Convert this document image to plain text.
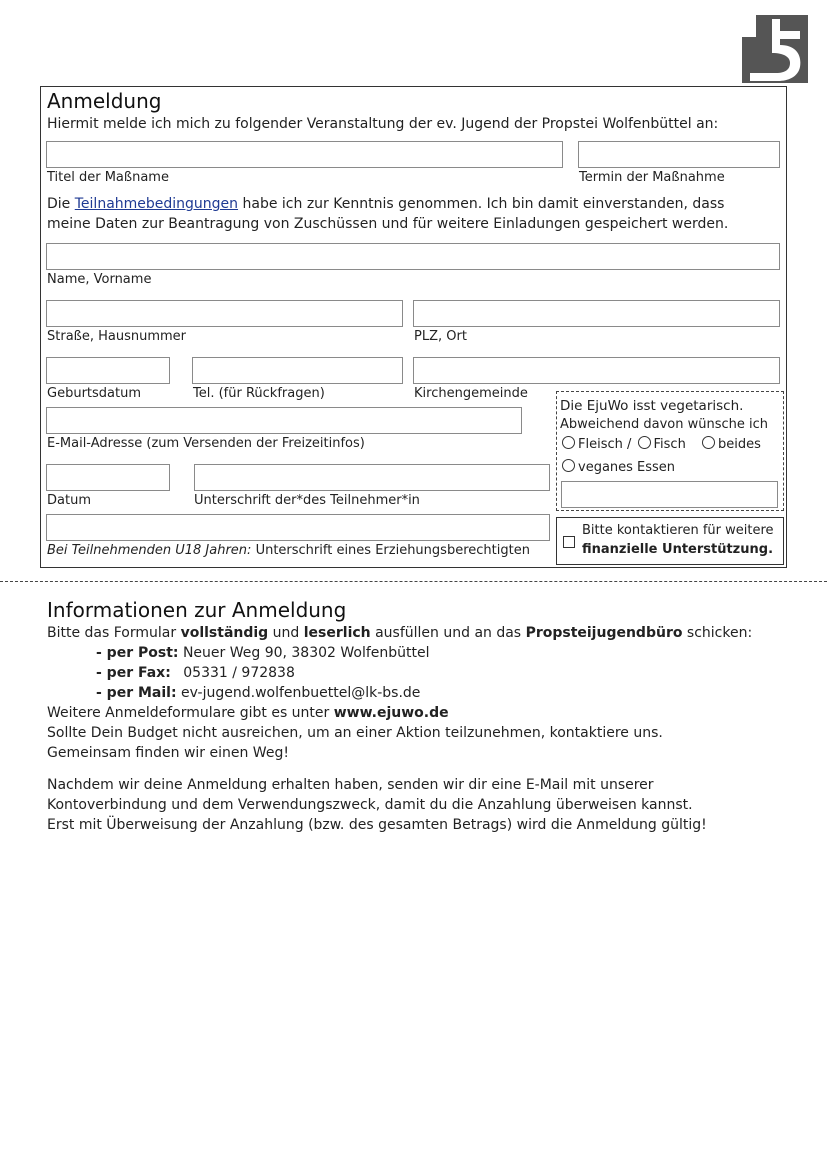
Anmeldung
Hiermit melde ich mich zu folgender Veranstaltung der ev. Jugend der Propstei Wolfenbüttel an:
Titel der Maßname	Termin der Maßnahme
Die Teilnahmebedingungen habe ich zur Kenntnis genommen. Ich bin damit einverstanden, dass
meine Daten zur Beantragung von Zuschüssen und für weitere Einladungen gespeichert werden.
Name, Vorname
Straße, Hausnummer	PLZ, Ort
Geburtsdatum	Tel. (für Rückfragen)	Kirchengemeinde
E-Mail-Adresse (zum Versenden der Freizeitinfos)
Datum	Unterschrift der*des Teilnehmer*in
Bei Teilnehmenden U18 Jahren: Unterschrift eines Erziehungsberechtigten
Die EjuWo isst vegetarisch.
Abweichend davon wünsche ich
Fleisch / Fisch beides
veganes Essen
Bitte kontaktieren für weitere
finanzielle Unterstützung.
Informationen zur Anmeldung
Bitte das Formular vollständig und leserlich ausfüllen und an das Propsteijugendbüro schicken:
- per Post: Neuer Weg 90, 38302 Wolfenbüttel
- per Fax: 05331 / 972838
- per Mail: ev-jugend.wolfenbuettel@lk-bs.de
Weitere Anmeldeformulare gibt es unter www.ejuwo.de
Sollte Dein Budget nicht ausreichen, um an einer Aktion teilzunehmen, kontaktiere uns.
Gemeinsam finden wir einen Weg!
Nachdem wir deine Anmeldung erhalten haben, senden wir dir eine E-Mail mit unserer
Kontoverbindung und dem Verwendungszweck, damit du die Anzahlung überweisen kannst.
Erst mit Überweisung der Anzahlung (bzw. des gesamten Betrags) wird die Anmeldung gültig!
